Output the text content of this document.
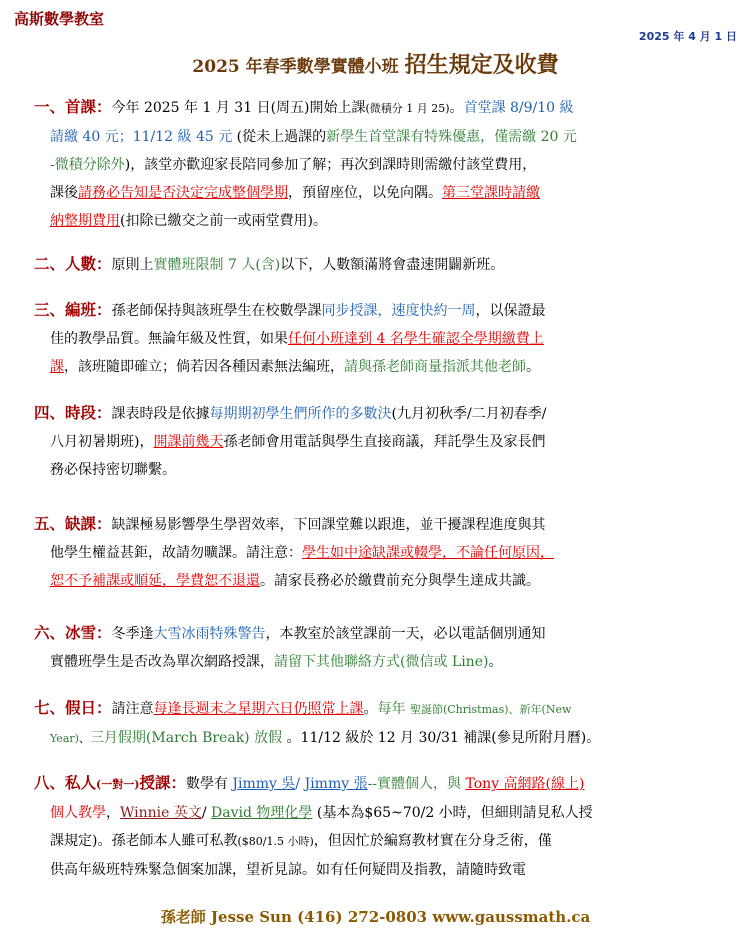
高斯數學教室
2025 年 4 月 1 日
2025 年春季數學實體小班 招生規定及收費
一、首課：今年 2025 年 1 月 31 日(周五)開始上課(微積分 1 月 25)。首堂課 8/9/10 級
請繳 40 元；11/12 級 45 元 (從未上過課的新學生首堂課有特殊優惠，僅需繳 20 元
-微積分除外)，該堂亦歡迎家長陪同參加了解；再次到課時則需繳付該堂費用，
課後請務必告知是否決定完成整個學期，預留座位，以免向隅。第三堂課時請繳
納整期費用(扣除已繳交之前一或兩堂費用)。
二、人數：原則上實體班限制 7 人(含)以下，人數額滿將會盡速開闢新班。
三、編班：孫老師保持與該班學生在校數學課同步授課，速度快約一周，以保證最
佳的教學品質。無論年級及性質，如果任何小班達到 4 名學生確認全學期繳費上
課，該班隨即確立；倘若因各種因素無法編班，請與孫老師商量指派其他老師。
四、時段：課表時段是依據每期期初學生們所作的多數決(九月初秋季/二月初春季/
八月初暑期班)，開課前幾天孫老師會用電話與學生直接商議，拜託學生及家長們
務必保持密切聯繫。
五、缺課：缺課極易影響學生學習效率，下回課堂難以跟進，並干擾課程進度與其
他學生權益甚鉅，故請勿曠課。請注意：學生如中途缺課或輟學，不論任何原因，
恕不予補課或順延，學費恕不退還。請家長務必於繳費前充分與學生達成共識。
六、冰雪：冬季逢大雪冰雨特殊警告，本教室於該堂課前一天，必以電話個別通知
實體班學生是否改為單次網路授課，請留下其他聯絡方式(微信或 Line)。
七、假日：請注意每逢長週末之星期六日仍照常上課。每年 聖誕節(Christmas)、新年(New
Year)、三月假期(March Break) 放假 。11/12 級於 12 月 30/31 補課(參見所附月曆)。
八、私人(一對一)授課：數學有 Jimmy 吳/ Jimmy 張--實體個人，與 Tony 高網路(線上)
個人教學，Winnie 英文/ David 物理化學 (基本為$65~70/2 小時，但細則請見私人授
課規定)。孫老師本人雖可私教($80/1.5 小時)，但因忙於編寫教材實在分身乏術，僅
供高年級班特殊緊急個案加課，望祈見諒。如有任何疑問及指教，請隨時致電
孫老師 Jesse Sun (416) 272-0803 www.gaussmath.ca
